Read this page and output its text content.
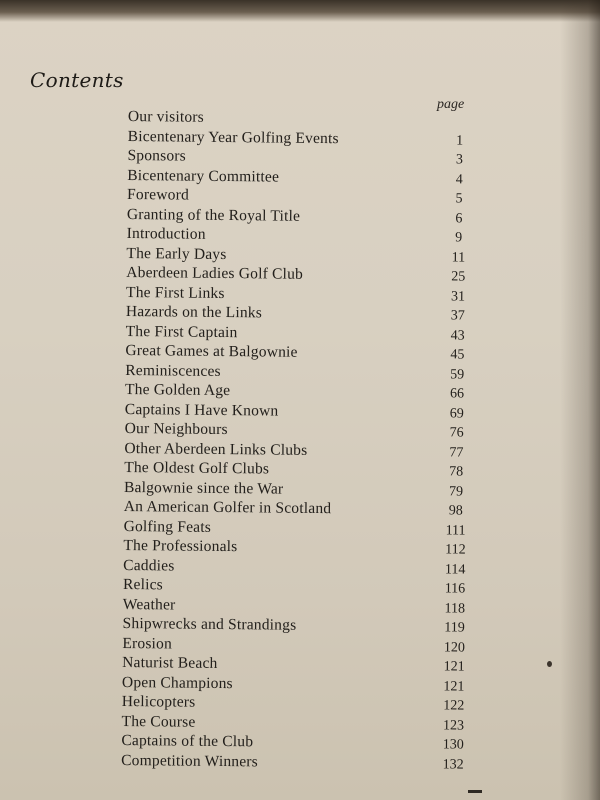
Contents
page
Our visitors
Bicentenary Year Golfing Events	1
Sponsors	3
Bicentenary Committee	4
Foreword	5
Granting of the Royal Title	6
Introduction	9
The Early Days	11
Aberdeen Ladies Golf Club	25
The First Links	31
Hazards on the Links	37
The First Captain	43
Great Games at Balgownie	45
Reminiscences	59
The Golden Age	66
Captains I Have Known	69
Our Neighbours	76
Other Aberdeen Links Clubs	77
The Oldest Golf Clubs	78
Balgownie since the War	79
An American Golfer in Scotland	98
Golfing Feats	111
The Professionals	112
Caddies	114
Relics	116
Weather	118
Shipwrecks and Strandings	119
Erosion	120
Naturist Beach	121
Open Champions	121
Helicopters	122
The Course	123
Captains of the Club	130
Competition Winners	132
